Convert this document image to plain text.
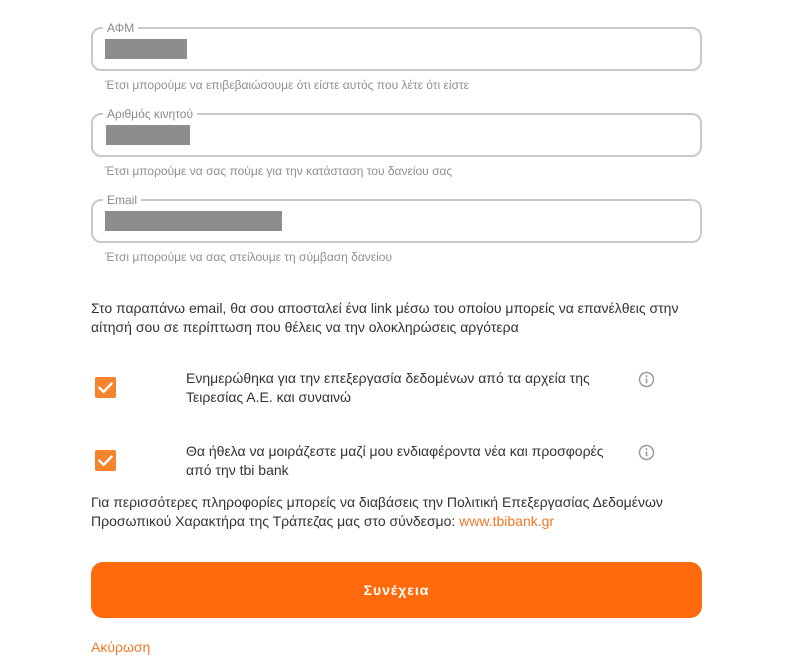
ΑΦΜ
Έτσι μπορούμε να επιβεβαιώσουμε ότι είστε αυτός που λέτε ότι είστε
Αριθμός κινητού
Έτσι μπορούμε να σας πούμε για την κατάσταση του δανείου σας
Email
Έτσι μπορούμε να σας στείλουμε τη σύμβαση δανείου

Στο παραπάνω email, θα σου αποσταλεί ένα link μέσω του οποίου μπορείς να επανέλθεις στην αίτησή σου σε περίπτωση που θέλεις να την ολοκληρώσεις αργότερα

Ενημερώθηκα για την επεξεργασία δεδομένων από τα αρχεία της Τειρεσίας Α.Ε. και συναινώ
Θα ήθελα να μοιράζεστε μαζί μου ενδιαφέροντα νέα και προσφορές από την tbi bank

Για περισσότερες πληροφορίες μπορείς να διαβάσεις την Πολιτική Επεξεργασίας Δεδομένων Προσωπικού Χαρακτήρα της Τράπεζας μας στο σύνδεσμο: www.tbibank.gr

Συνέχεια
Ακύρωση
